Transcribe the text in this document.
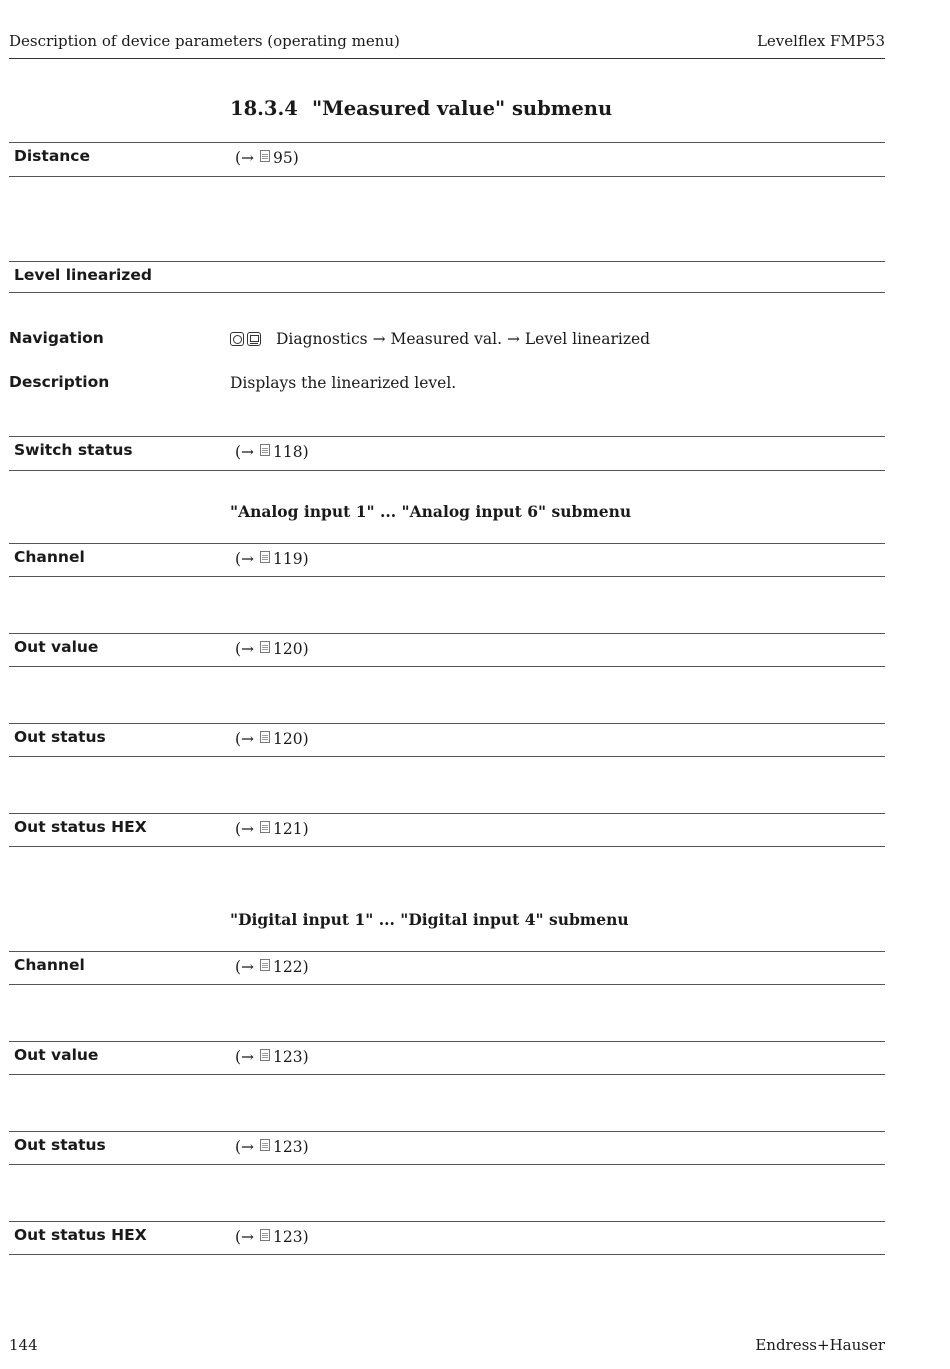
Description of device parameters (operating menu)	Levelflex FMP53
18.3.4 "Measured value" submenu
Distance	(→ 95)
Level linearized
Navigation	Diagnostics → Measured val. → Level linearized
Description	Displays the linearized level.
Switch status	(→ 118)
"Analog input 1" ... "Analog input 6" submenu
Channel	(→ 119)
Out value	(→ 120)
Out status	(→ 120)
Out status HEX	(→ 121)
"Digital input 1" ... "Digital input 4" submenu
Channel	(→ 122)
Out value	(→ 123)
Out status	(→ 123)
Out status HEX	(→ 123)
144	Endress+Hauser
